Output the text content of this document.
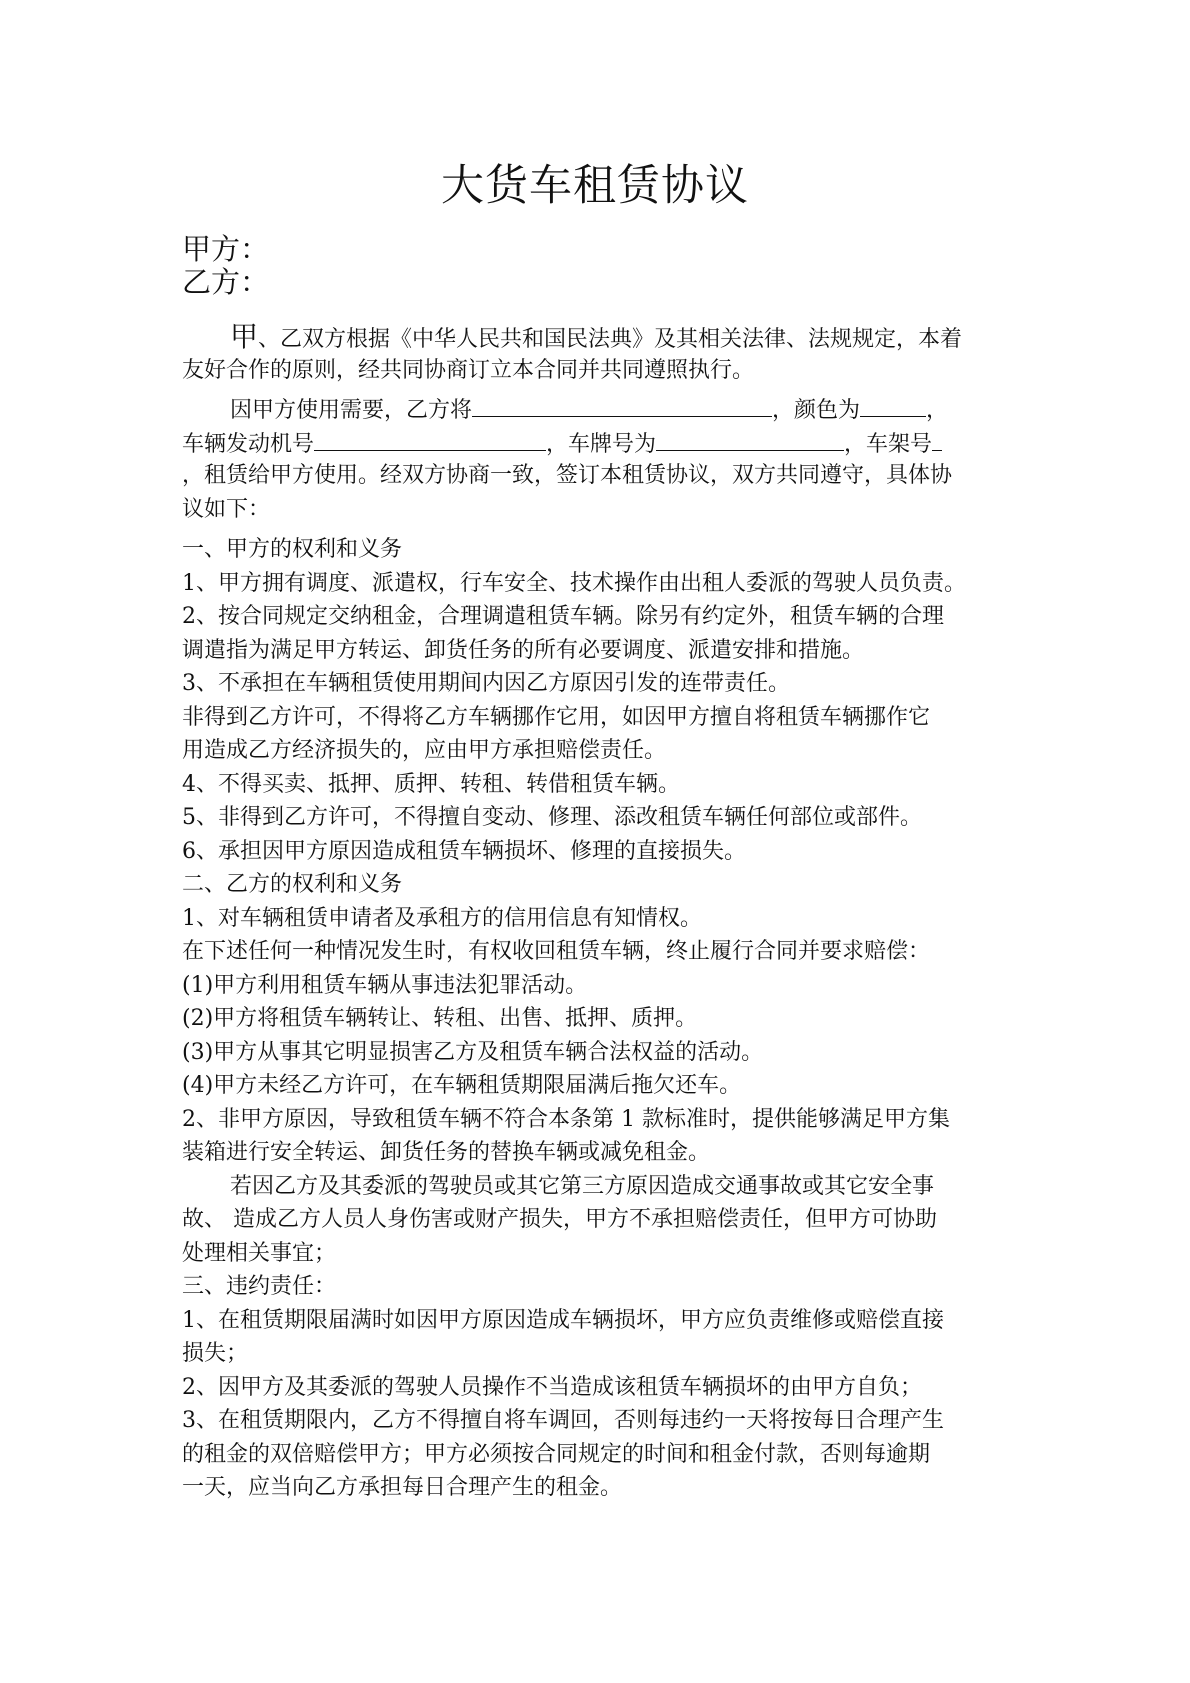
大货车租赁协议
甲方：
乙方：
甲、乙双方根据《中华人民共和国民法典》及其相关法律、法规规定，本着
友好合作的原则，经共同协商订立本合同并共同遵照执行。
因甲方使用需要，乙方将	，颜色为	，
车辆发动机号	，车牌号为	，车架号
，租赁给甲方使用。经双方协商一致，签订本租赁协议，双方共同遵守，具体协
议如下：
一、甲方的权利和义务
1、甲方拥有调度、派遣权，行车安全、技术操作由出租人委派的驾驶人员负责。
2、按合同规定交纳租金，合理调遣租赁车辆。除另有约定外，租赁车辆的合理
调遣指为满足甲方转运、卸货任务的所有必要调度、派遣安排和措施。
3、不承担在车辆租赁使用期间内因乙方原因引发的连带责任。
非得到乙方许可，不得将乙方车辆挪作它用，如因甲方擅自将租赁车辆挪作它
用造成乙方经济损失的，应由甲方承担赔偿责任。
4、不得买卖、抵押、质押、转租、转借租赁车辆。
5、非得到乙方许可，不得擅自变动、修理、添改租赁车辆任何部位或部件。
6、承担因甲方原因造成租赁车辆损坏、修理的直接损失。
二、乙方的权利和义务
1、对车辆租赁申请者及承租方的信用信息有知情权。
在下述任何一种情况发生时，有权收回租赁车辆，终止履行合同并要求赔偿：
(1)甲方利用租赁车辆从事违法犯罪活动。
(2)甲方将租赁车辆转让、转租、出售、抵押、质押。
(3)甲方从事其它明显损害乙方及租赁车辆合法权益的活动。
(4)甲方未经乙方许可，在车辆租赁期限届满后拖欠还车。
2、非甲方原因，导致租赁车辆不符合本条第 1 款标准时，提供能够满足甲方集
装箱进行安全转运、卸货任务的替换车辆或减免租金。
若因乙方及其委派的驾驶员或其它第三方原因造成交通事故或其它安全事
故、 造成乙方人员人身伤害或财产损失，甲方不承担赔偿责任，但甲方可协助
处理相关事宜；
三、违约责任：
1、在租赁期限届满时如因甲方原因造成车辆损坏，甲方应负责维修或赔偿直接
损失；
2、因甲方及其委派的驾驶人员操作不当造成该租赁车辆损坏的由甲方自负；
3、在租赁期限内，乙方不得擅自将车调回，否则每违约一天将按每日合理产生
的租金的双倍赔偿甲方；甲方必须按合同规定的时间和租金付款，否则每逾期
一天，应当向乙方承担每日合理产生的租金。
